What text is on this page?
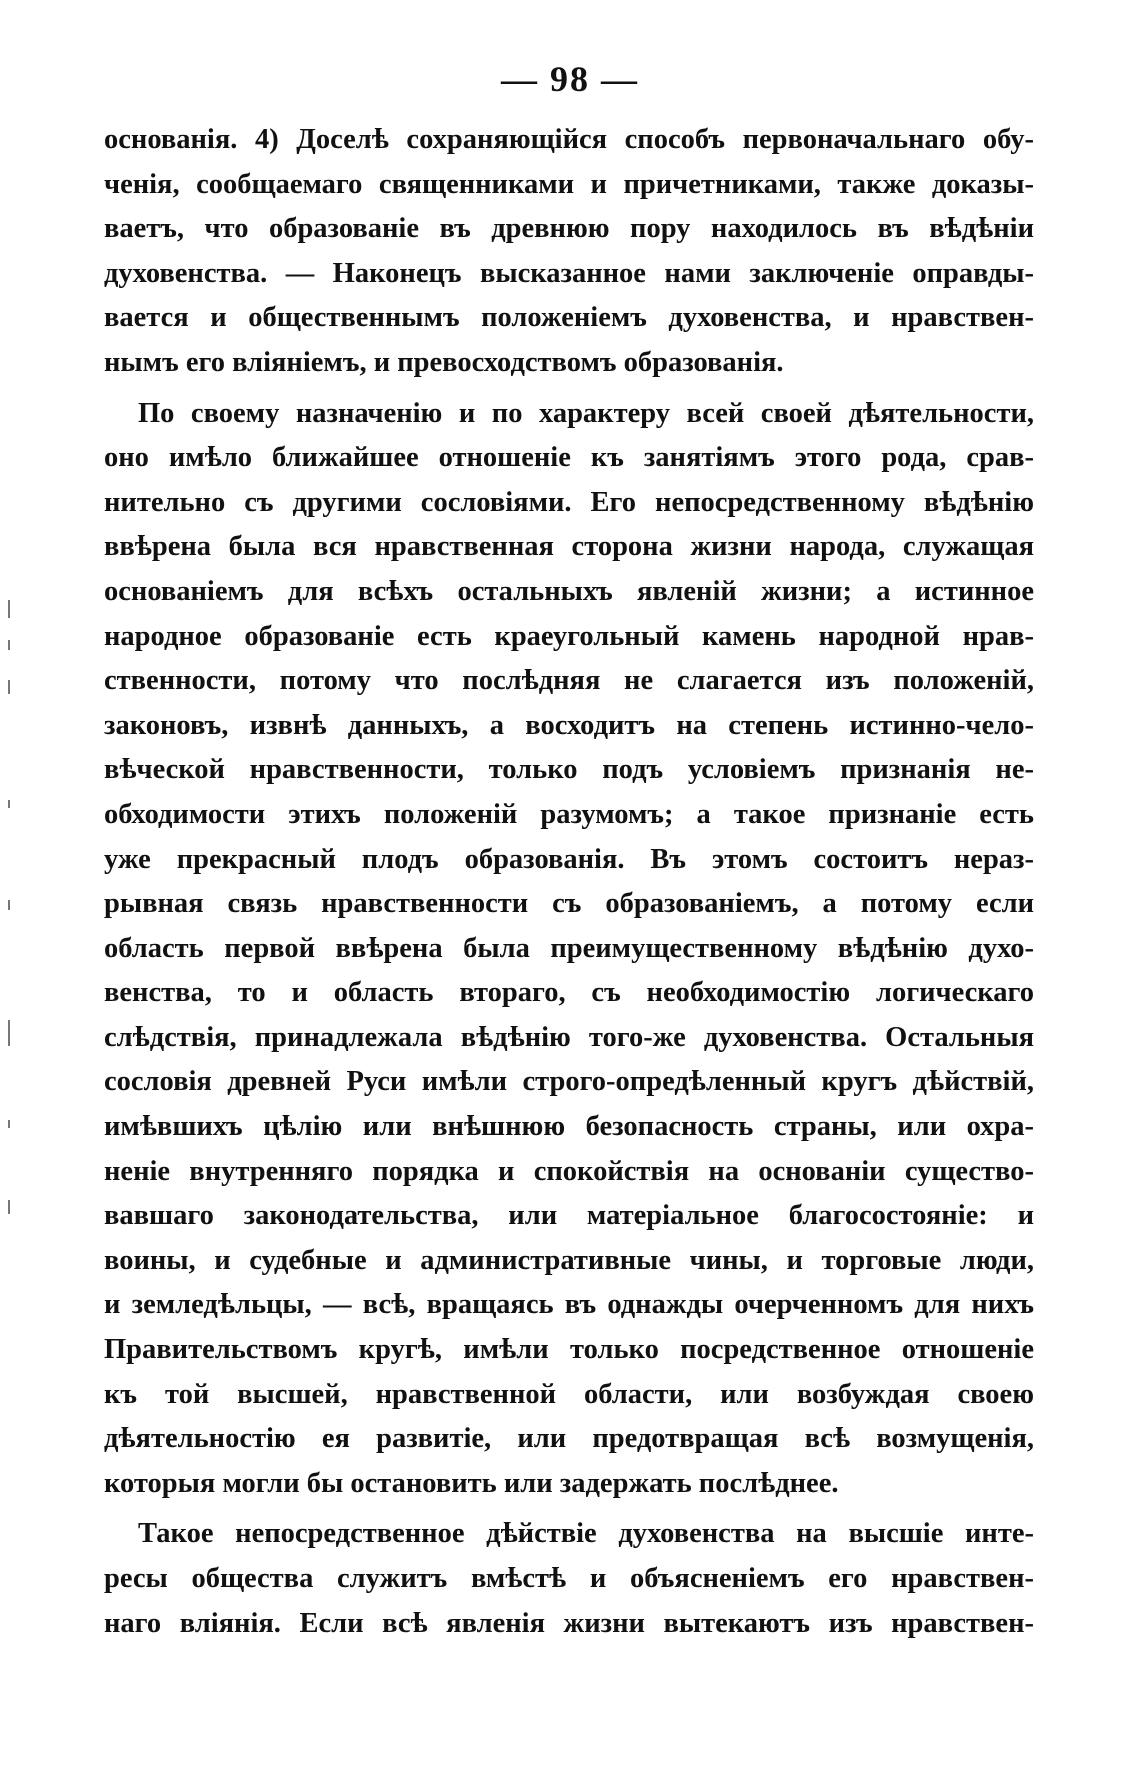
— 98 —
основанія. 4) Доселѣ сохраняющійся способъ первоначальнаго обу-
ченія, сообщаемаго священниками и причетниками, также доказы-
ваетъ, что образованіе въ древнюю пору находилось въ вѣдѣніи
духовенства. — Наконецъ высказанное нами заключеніе оправды-
вается и общественнымъ положеніемъ духовенства, и нравствен-
нымъ его вліяніемъ, и превосходствомъ образованія.
По своему назначенію и по характеру всей своей дѣятельности,
оно имѣло ближайшее отношеніе къ занятіямъ этого рода, срав-
нительно съ другими сословіями. Его непосредственному вѣдѣнію
ввѣрена была вся нравственная сторона жизни народа, служащая
основаніемъ для всѣхъ остальныхъ явленій жизни; а истинное
народное образованіе есть краеугольный камень народной нрав-
ственности, потому что послѣдняя не слагается изъ положеній,
законовъ, извнѣ данныхъ, а восходитъ на степень истинно-чело-
вѣческой нравственности, только подъ условіемъ признанія не-
обходимости этихъ положеній разумомъ; а такое признаніе есть
уже прекрасный плодъ образованія. Въ этомъ состоитъ нераз-
рывная связь нравственности съ образованіемъ, а потому если
область первой ввѣрена была преимущественному вѣдѣнію духо-
венства, то и область втораго, съ необходимостію логическаго
слѣдствія, принадлежала вѣдѣнію того-же духовенства. Остальныя
сословія древней Руси имѣли строго-опредѣленный кругъ дѣйствій,
имѣвшихъ цѣлію или внѣшнюю безопасность страны, или охра-
неніе внутренняго порядка и спокойствія на основаніи существо-
вавшаго законодательства, или матеріальное благосостояніе: и
воины, и судебные и административные чины, и торговые люди,
и земледѣльцы, — всѣ, вращаясь въ однажды очерченномъ для нихъ
Правительствомъ кругѣ, имѣли только посредственное отношеніе
къ той высшей, нравственной области, или возбуждая своею
дѣятельностію ея развитіе, или предотвращая всѣ возмущенія,
которыя могли бы остановить или задержать послѣднее.
Такое непосредственное дѣйствіе духовенства на высшіе инте-
ресы общества служитъ вмѣстѣ и объясненіемъ его нравствен-
наго вліянія. Если всѣ явленія жизни вытекаютъ изъ нравствен-
